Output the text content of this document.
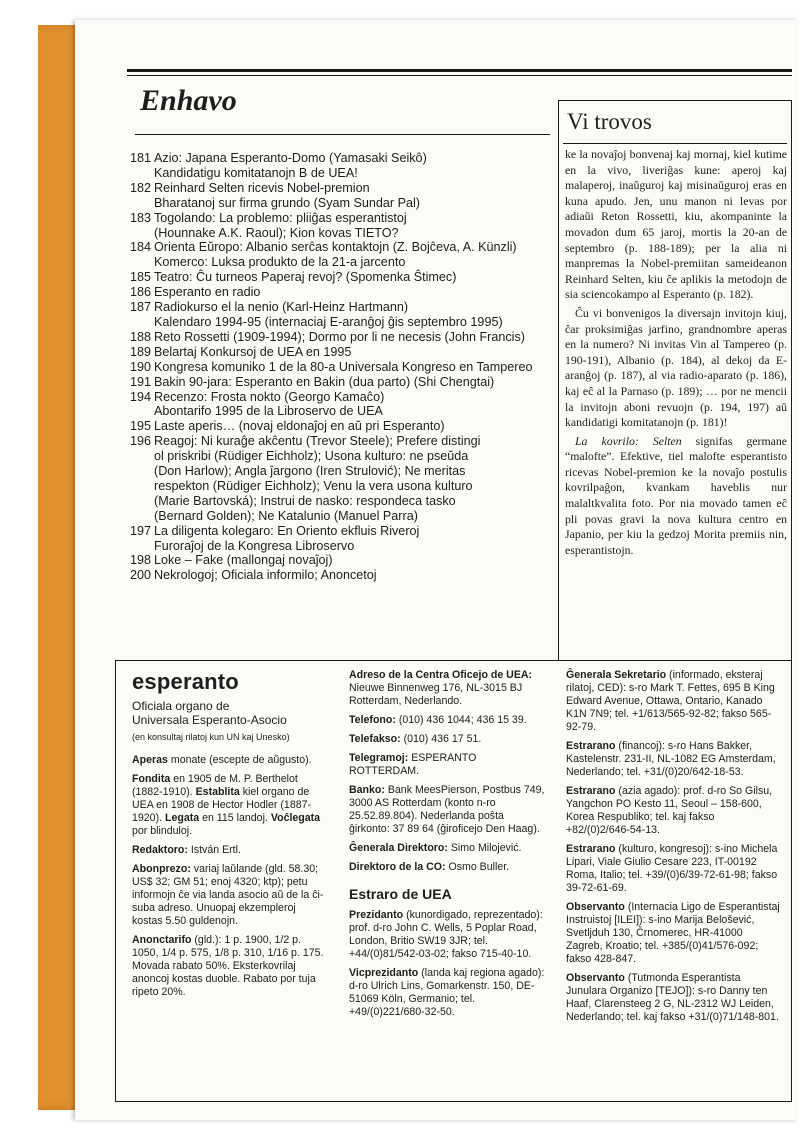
Enhavo
181 Azio: Japana Esperanto-Domo (Yamasaki Seikô)
Kandidatigu komitatanojn B de UEA!
182 Reinhard Selten ricevis Nobel-premion
Bharatanoj sur firma grundo (Syam Sundar Pal)
183 Togolando: La problemo: pliiĝas esperantistoj
(Hounnake A.K. Raoul); Kion kovas TIETO?
184 Orienta Eŭropo: Albanio serĉas kontaktojn (Z. Bojĉeva, A. Künzli)
Komerco: Luksa produkto de la 21-a jarcento
185 Teatro: Ĉu turneos Paperaj revoj? (Spomenka Ŝtimec)
186 Esperanto en radio
187 Radiokurso el la nenio (Karl-Heinz Hartmann)
Kalendaro 1994-95 (internaciaj E-aranĝoj ĝis septembro 1995)
188 Reto Rossetti (1909-1994); Dormo por li ne necesis (John Francis)
189 Belartaj Konkursoj de UEA en 1995
190 Kongresa komuniko 1 de la 80-a Universala Kongreso en Tampereo
191 Bakin 90-jara: Esperanto en Bakin (dua parto) (Shi Chengtai)
194 Recenzo: Frosta nokto (Georgo Kamaĉo)
Abontarifo 1995 de la Libroservo de UEA
195 Laste aperis… (novaj eldonaĵoj en aŭ pri Esperanto)
196 Reagoj: Ni kuraĝe akĉentu (Trevor Steele); Prefere distingi
ol priskribi (Rüdiger Eichholz); Usona kulturo: ne pseŭda
(Don Harlow); Angla ĵargono (Iren Strulović); Ne meritas
respekton (Rüdiger Eichholz); Venu la vera usona kulturo
(Marie Bartovská); Instrui de nasko: respondeca tasko
(Bernard Golden); Ne Katalunio (Manuel Parra)
197 La diligenta kolegaro: En Oriento ekfluis Riveroj
Furoraĵoj de la Kongresa Libroservo
198 Loke – Fake (mallongaj novaĵoj)
200 Nekrologoj; Oficiala informilo; Anoncetoj
Vi trovos

ke la novaĵoj bonvenaj kaj mornaj, kiel kutime en la vivo, liveriĝas kune: aperoj kaj malaperoj, inaŭguroj kaj misinaŭguroj eras en kuna apudo. Jen, unu manon ni levas por adiaŭi Reton Rossetti, kiu, akompaninte la movadon dum 65 jaroj, mortis la 20-an de septembro (p. 188-189); per la alia ni manpremas la Nobel-premiitan sameideanon Reinhard Selten, kiu ĉe aplikis la metodojn de sia sciencokampo al Esperanto (p. 182).

Ĉu vi bonvenigos la diversajn invitojn kiuj, ĉar proksimiĝas jarfino, grandnombre aperas en la numero? Ni invitas Vin al Tampereo (p. 190-191), Albanio (p. 184), al dekoj da E-aranĝoj (p. 187), al via radio-aparato (p. 186), kaj eĉ al la Parnaso (p. 189); … por ne mencii la invitojn aboni revuojn (p. 194, 197) aŭ kandidatigi komitatanojn (p. 181)!

La kovrilo: Selten signifas germane “malofte”. Efektive, tiel malofte esperantisto ricevas Nobel-premion ke la novaĵo postulis kovrilpaĝon, kvankam haveblis nur malaltkvalita foto. Por nia movado tamen eĉ pli povas gravi la nova kultura centro en Japanio, per kiu la gedzoj Morita premiis nin, esperantistojn.

esperanto

Oficiala organo de
Universala Esperanto-Asocio

(en konsultaj rilatoj kun UN kaj Unesko)

Aperas monate (escepte de aŭgusto).

Fondita en 1905 de M. P. Berthelot (1882-1910). Establita kiel organo de UEA en 1908 de Hector Hodler (1887-1920). Legata en 115 landoj. Voĉlegata por blinduloj.

Redaktoro: István Ertl.

Abonprezo: variaj laŭlande (gld. 58.30; US$ 32; GM 51; enoj 4320; ktp); petu informojn ĉe via landa asocio aŭ de la ĉi-suba adreso. Unuopaj ekzempleroj kostas 5.50 guldenojn.

Anonctarifo (gld.): 1 p. 1900, 1/2 p. 1050, 1/4 p. 575, 1/8 p. 310, 1/16 p. 175. Movada rabato 50%. Eksterkovrilaj anoncoj kostas duoble. Rabato por tuja ripeto 20%.

Adreso de la Centra Oficejo de UEA: Nieuwe Binnenweg 176, NL-3015 BJ Rotterdam, Nederlando.

Telefono: (010) 436 1044; 436 15 39.

Telefakso: (010) 436 17 51.

Telegramoj: ESPERANTO ROTTERDAM.

Banko: Bank MeesPierson, Postbus 749, 3000 AS Rotterdam (konto n-ro 25.52.89.804). Nederlanda poŝta ĝirkonto: 37 89 64 (ĝiroficejo Den Haag).

Ĝenerala Direktoro: Simo Milojević.

Direktoro de la CO: Osmo Buller.

Estraro de UEA

Prezidanto (kunordigado, reprezentado): prof. d-ro John C. Wells, 5 Poplar Road, London, Britio SW19 3JR; tel. +44/(0)81/542-03-02; fakso 715-40-10.

Vicprezidanto (landa kaj regiona agado): d-ro Ulrich Lins, Gomarkenstr. 150, DE-51069 Köln, Germanio; tel. +49/(0)221/680-32-50.

Ĝenerala Sekretario (informado, eksteraj rilatoj, CED): s-ro Mark T. Fettes, 695 B King Edward Avenue, Ottawa, Ontario, Kanado K1N 7N9; tel. +1/613/565-92-82; fakso 565-92-79.

Estrarano (financoj): s-ro Hans Bakker, Kastelenstr. 231-II, NL-1082 EG Amsterdam, Nederlando; tel. +31/(0)20/642-18-53.

Estrarano (azia agado): prof. d-ro So Gilsu, Yangchon PO Kesto 11, Seoul – 158-600, Korea Respubliko; tel. kaj fakso +82/(0)2/646-54-13.

Estrarano (kulturo, kongresoj): s-ino Michela Lipari, Viale Giulio Cesare 223, IT-00192 Roma, Italio; tel. +39/(0)6/39-72-61-98; fakso 39-72-61-69.

Observanto (Internacia Ligo de Esperantistaj Instruistoj [ILEI]): s-ino Marija Belošević, Svetljduh 130, Črnomerec, HR-41000 Zagreb, Kroatio; tel. +385/(0)41/576-092; fakso 428-847.

Observanto (Tutmonda Esperantista Junulara Organizo [TEJO]): s-ro Danny ten Haaf, Clarensteeg 2 G, NL-2312 WJ Leiden, Nederlando; tel. kaj fakso +31/(0)71/148-801.
